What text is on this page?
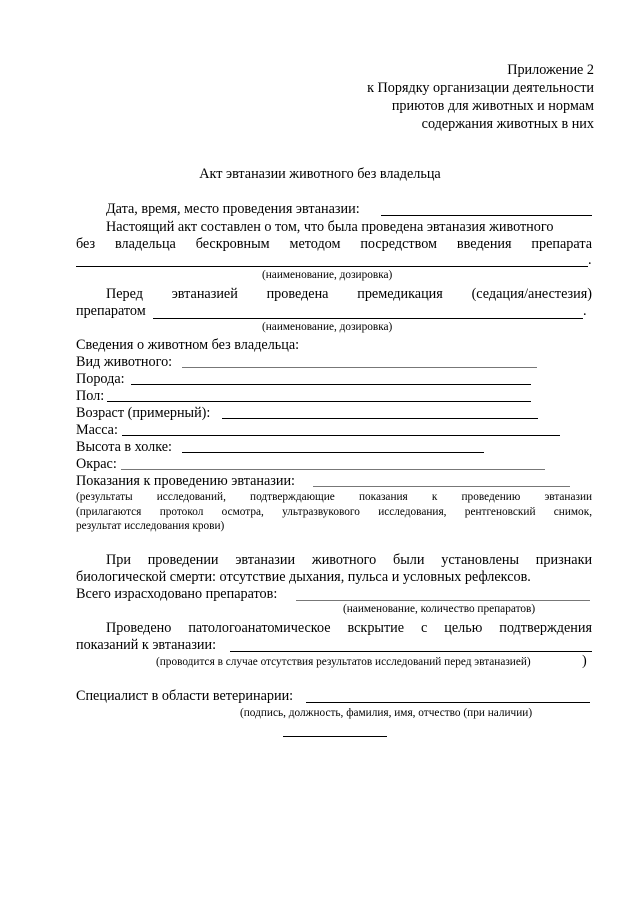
Приложение 2
к Порядку организации деятельности
приютов для животных и нормам
содержания животных в них
Акт эвтаназии животного без владельца
Дата, время, место проведения эвтаназии:
Настоящий акт составлен о том, что была проведена эвтаназия животного
без владельца бескровным методом посредством введения препарата
.
(наименование, дозировка)
Перед эвтаназией проведена премедикация (седация/анестезия)
препаратом	.
(наименование, дозировка)
Сведения о животном без владельца:
Вид животного:
Порода:
Пол:
Возраст (примерный):
Масса:
Высота в холке:
Окрас:
Показания к проведению эвтаназии:
(результаты исследований, подтверждающие показания к проведению эвтаназии
(прилагаются протокол осмотра, ультразвукового исследования, рентгеновский снимок,
результат исследования крови)
При проведении эвтаназии животного были установлены признаки
биологической смерти: отсутствие дыхания, пульса и условных рефлексов.
Всего израсходовано препаратов:
(наименование, количество препаратов)
Проведено патологоанатомическое вскрытие с целью подтверждения
показаний к эвтаназии:
(проводится в случае отсутствия результатов исследований перед эвтаназией)	)
Специалист в области ветеринарии:
(подпись, должность, фамилия, имя, отчество (при наличии)
